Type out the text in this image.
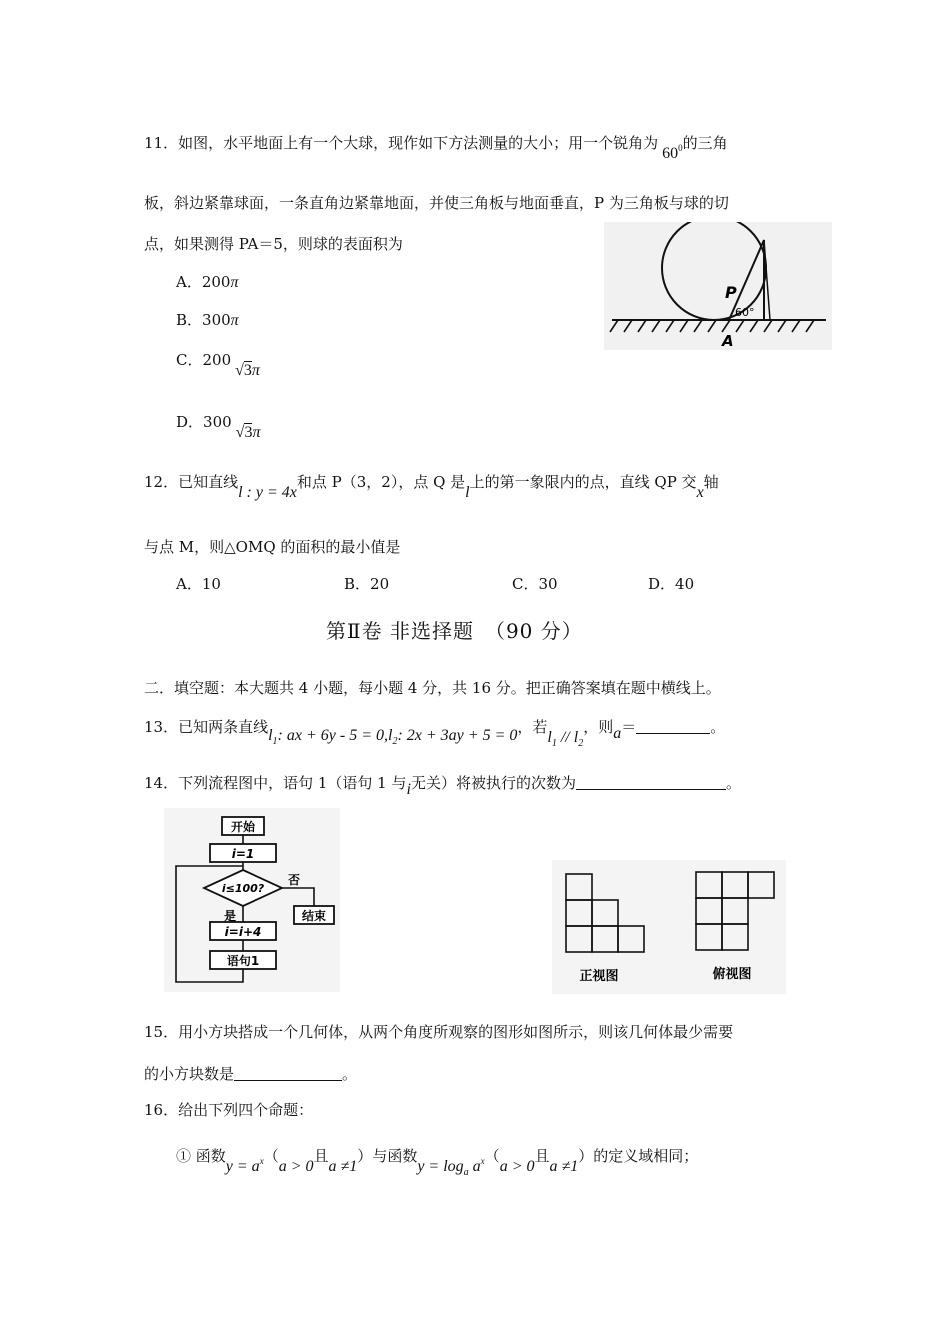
11．如图，水平地面上有一个大球，现作如下方法测量的大小；用一个锐角为$60^0$的三角
板，斜边紧靠球面，一条直角边紧靠地面，并使三角板与地面垂直，P 为三角板与球的切
点，如果测得 PA＝5，则球的表面积为
A．200π
B．300π
C．200√3π
D．300√3π
P
60°
A
12．已知直线l : y = 4x和点 P（3，2），点 Q 是l上的第一象限内的点，直线 QP 交x轴
与点 M，则△OMQ 的面积的最小值是
A．10	B．20	C．30	D．40
第Ⅱ卷 非选择题　（90 分）
二．填空题：本大题共 4 小题，每小题 4 分，共 16 分。把正确答案填在题中横线上。
13．已知两条直线$l_1$: ax + $6y - 5 = 0,l_2$: 2x + 3ay + 5 = 0，若$l_1 // l_2$，则a＝	。
14．下列流程图中，语句 1（语句 1 与i无关）将被执行的次数为	。
开始
i=1
i≤100?
否
结束
是
i=i+4
语句1
正视图	俯视图
15．用小方块搭成一个几何体，从两个角度所观察的图形如图所示，则该几何体最少需要
的小方块数是	。
16．给出下列四个命题：
① 函数$y = a^x(a > 0$且a ≠1）与函数$y = \log_a a^x(a > 0$且a ≠1）的定义域相同；
